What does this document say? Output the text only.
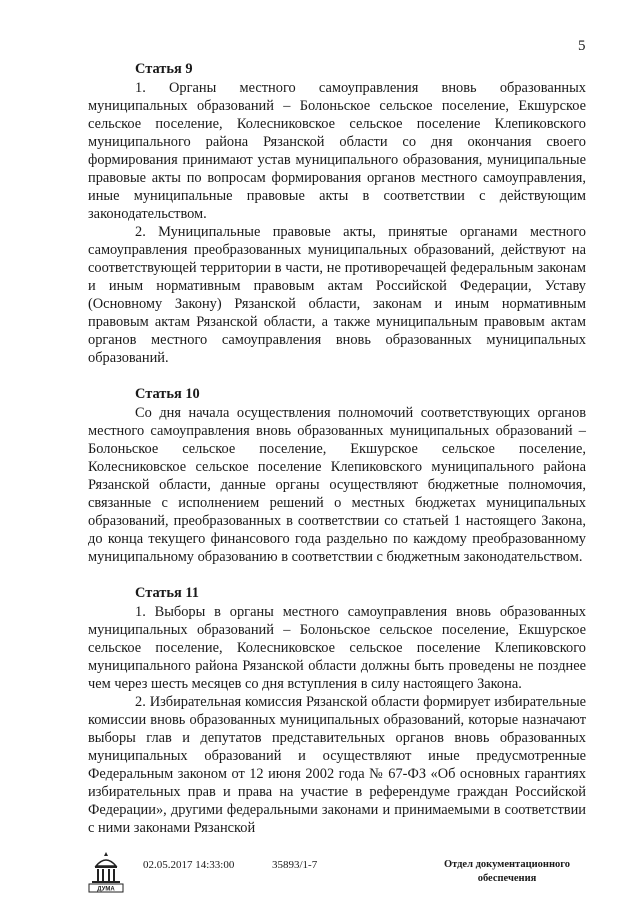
5
Статья 9

1. Органы местного самоуправления вновь образованных муниципальных образований – Болоньское сельское поселение, Екшурское сельское поселение, Колесниковское сельское поселение Клепиковского муниципального района Рязанской области со дня окончания своего формирования принимают устав муниципального образования, муниципальные правовые акты по вопросам формирования органов местного самоуправления, иные муниципальные правовые акты в соответствии с действующим законодательством.

2. Муниципальные правовые акты, принятые органами местного самоуправления преобразованных муниципальных образований, действуют на соответствующей территории в части, не противоречащей федеральным законам и иным нормативным правовым актам Российской Федерации, Уставу (Основному Закону) Рязанской области, законам и иным нормативным правовым актам Рязанской области, а также муниципальным правовым актам органов местного самоуправления вновь образованных муниципальных образований.

Статья 10

Со дня начала осуществления полномочий соответствующих органов местного самоуправления вновь образованных муниципальных образований – Болоньское сельское поселение, Екшурское сельское поселение, Колесниковское сельское поселение Клепиковского муниципального района Рязанской области, данные органы осуществляют бюджетные полномочия, связанные с исполнением решений о местных бюджетах муниципальных образований, преобразованных в соответствии со статьей 1 настоящего Закона, до конца текущего финансового года раздельно по каждому преобразованному муниципальному образованию в соответствии с бюджетным законодательством.

Статья 11

1. Выборы в органы местного самоуправления вновь образованных муниципальных образований – Болоньское сельское поселение, Екшурское сельское поселение, Колесниковское сельское поселение Клепиковского муниципального района Рязанской области должны быть проведены не позднее чем через шесть месяцев со дня вступления в силу настоящего Закона.

2. Избирательная комиссия Рязанской области формирует избирательные комиссии вновь образованных муниципальных образований, которые назначают выборы глав и депутатов представительных органов вновь образованных муниципальных образований и осуществляют иные предусмотренные Федеральным законом от 12 июня 2002 года № 67-ФЗ «Об основных гарантиях избирательных прав и права на участие в референдуме граждан Российской Федерации», другими федеральными законами и принимаемыми в соответствии с ними законами Рязанской

ДУМА
02.05.2017 14:33:00	35893/1-7	Отдел документационного
обеспечения
